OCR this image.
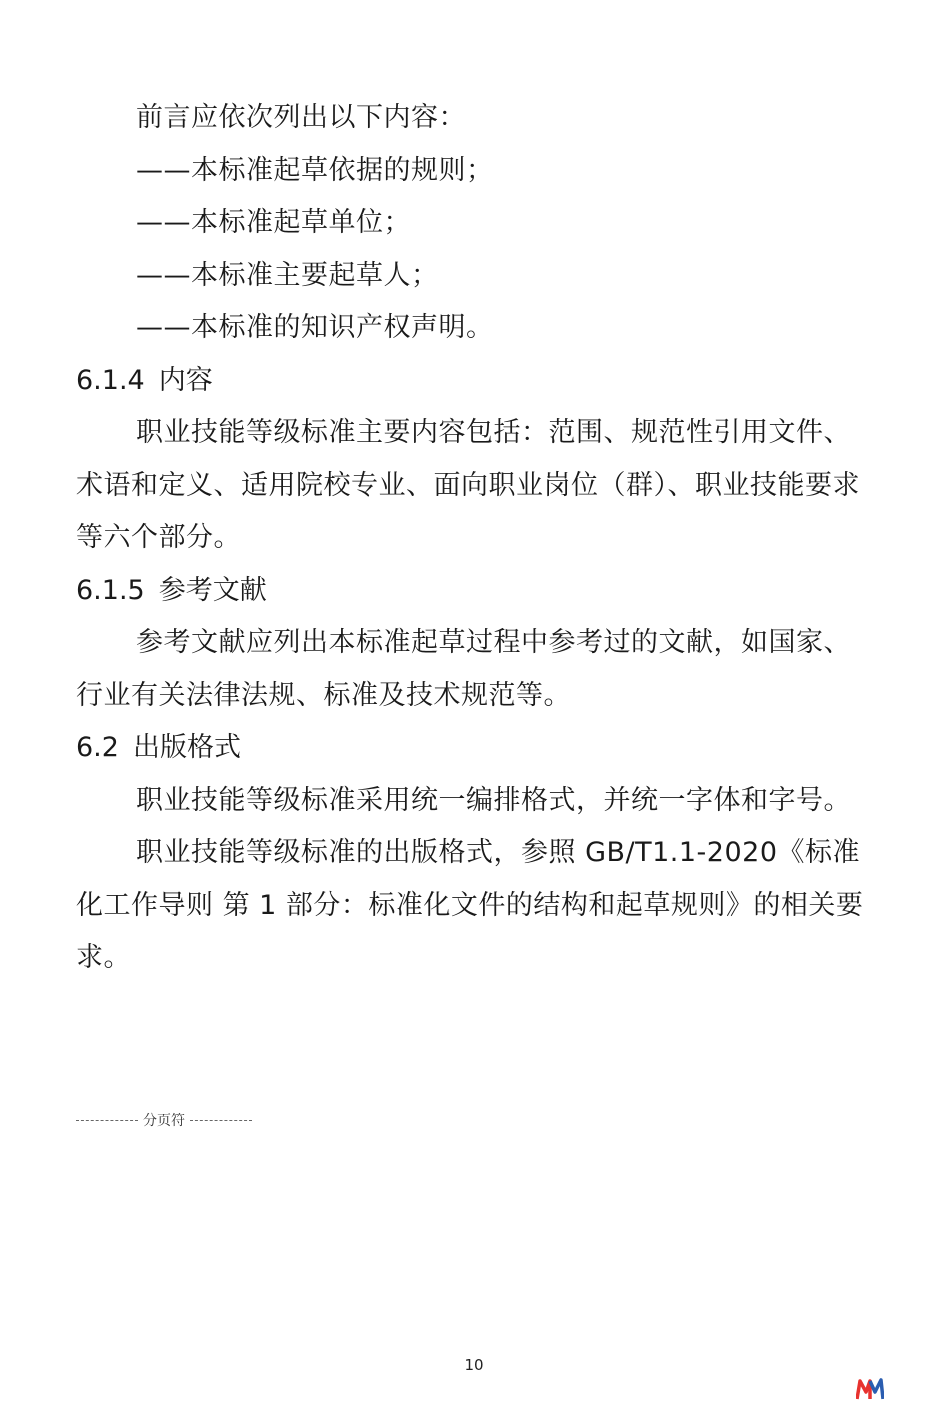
前言应依次列出以下内容：

——本标准起草依据的规则；

——本标准起草单位；

——本标准主要起草人；

——本标准的知识产权声明。

6.1.4 内容

职业技能等级标准主要内容包括：范围、规范性引用文件、术语和定义、适用院校专业、面向职业岗位（群）、职业技能要求等六个部分。

6.1.5 参考文献

参考文献应列出本标准起草过程中参考过的文献，如国家、行业有关法律法规、标准及技术规范等。

6.2 出版格式

职业技能等级标准采用统一编排格式，并统一字体和字号。

职业技能等级标准的出版格式，参照 GB/T1.1-2020《标准化工作导则 第 1 部分：标准化文件的结构和起草规则》的相关要求。

分页符
10
